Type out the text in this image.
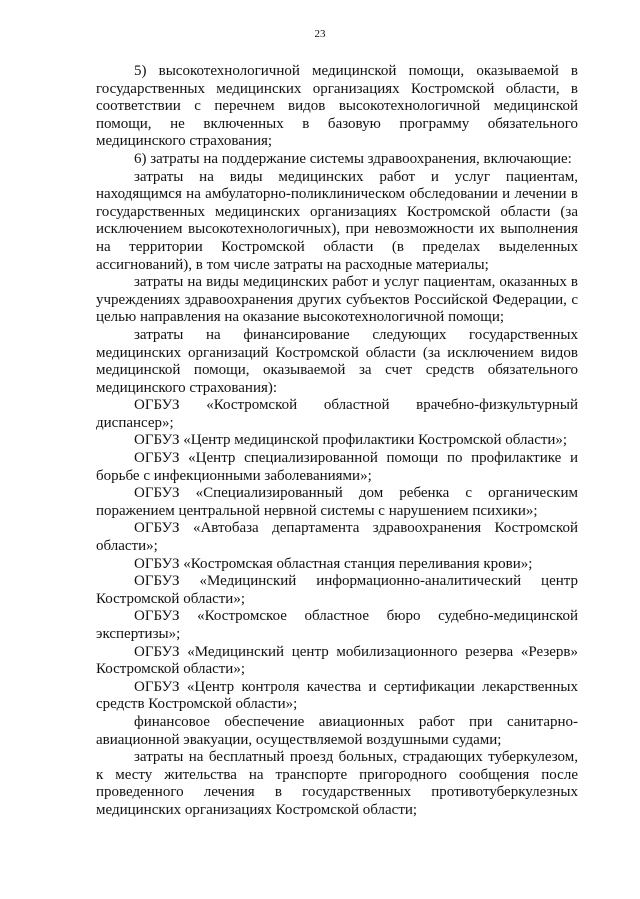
23

5) высокотехнологичной медицинской помощи, оказываемой в государственных медицинских организациях Костромской области, в соответствии с перечнем видов высокотехнологичной медицинской помощи, не включенных в базовую программу обязательного медицинского страхования;

6) затраты на поддержание системы здравоохранения, включающие:

затраты на виды медицинских работ и услуг пациентам, находящимся на амбулаторно-поликлиническом обследовании и лечении в государственных медицинских организациях Костромской области (за исключением высокотехнологичных), при невозможности их выполнения на территории Костромской области (в пределах выделенных ассигнований), в том числе затраты на расходные материалы;

затраты на виды медицинских работ и услуг пациентам, оказанных в учреждениях здравоохранения других субъектов Российской Федерации, с целью направления на оказание высокотехнологичной помощи;

затраты на финансирование следующих государственных медицинских организаций Костромской области (за исключением видов медицинской помощи, оказываемой за счет средств обязательного медицинского страхования):

ОГБУЗ «Костромской областной врачебно-физкультурный диспансер»;

ОГБУЗ «Центр медицинской профилактики Костромской области»;

ОГБУЗ «Центр специализированной помощи по профилактике и борьбе с инфекционными заболеваниями»;

ОГБУЗ «Специализированный дом ребенка с органическим поражением центральной нервной системы с нарушением психики»;

ОГБУЗ «Автобаза департамента здравоохранения Костромской области»;

ОГБУЗ «Костромская областная станция переливания крови»;

ОГБУЗ «Медицинский информационно-аналитический центр Костромской области»;

ОГБУЗ «Костромское областное бюро судебно-медицинской экспертизы»;

ОГБУЗ «Медицинский центр мобилизационного резерва «Резерв» Костромской области»;

ОГБУЗ «Центр контроля качества и сертификации лекарственных средств Костромской области»;

финансовое обеспечение авиационных работ при санитарно-авиационной эвакуации, осуществляемой воздушными судами;

затраты на бесплатный проезд больных, страдающих туберкулезом, к месту жительства на транспорте пригородного сообщения после проведенного лечения в государственных противотуберкулезных медицинских организациях Костромской области;
